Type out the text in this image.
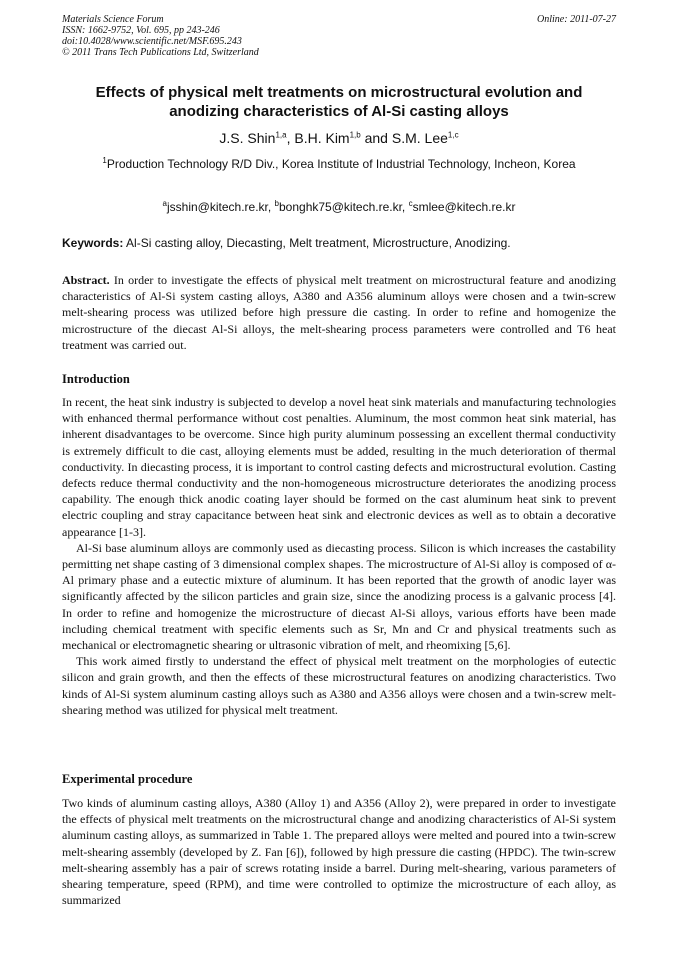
Materials Science Forum
ISSN: 1662-9752, Vol. 695, pp 243-246
doi:10.4028/www.scientific.net/MSF.695.243
© 2011 Trans Tech Publications Ltd, Switzerland
Online: 2011-07-27
Effects of physical melt treatments on microstructural evolution and anodizing characteristics of Al-Si casting alloys
J.S. Shin$^{1,a}$, B.H. Kim$^{1,b}$ and S.M. Lee$^{1,c}$
$^1$Production Technology R/D Div., Korea Institute of Industrial Technology, Incheon, Korea
$^a$jsshin@kitech.re.kr, $^b$bonghk75@kitech.re.kr, $^c$smlee@kitech.re.kr
Keywords: Al-Si casting alloy, Diecasting, Melt treatment, Microstructure, Anodizing.
Abstract. In order to investigate the effects of physical melt treatment on microstructural feature and anodizing characteristics of Al-Si system casting alloys, A380 and A356 aluminum alloys were chosen and a twin-screw melt-shearing process was utilized before high pressure die casting. In order to refine and homogenize the microstructure of the diecast Al-Si alloys, the melt-shearing process parameters were controlled and T6 heat treatment was carried out.
Introduction

In recent, the heat sink industry is subjected to develop a novel heat sink materials and manufacturing technologies with enhanced thermal performance without cost penalties. Aluminum, the most common heat sink material, has inherent disadvantages to be overcome. Since high purity aluminum possessing an excellent thermal conductivity is extremely difficult to die cast, alloying elements must be added, resulting in the much deterioration of thermal conductivity. In diecasting process, it is important to control casting defects and microstructural evolution. Casting defects reduce thermal conductivity and the non-homogeneous microstructure deteriorates the anodizing process capability. The enough thick anodic coating layer should be formed on the cast aluminum heat sink to prevent electric coupling and stray capacitance between heat sink and electronic devices as well as to obtain a decorative appearance [1-3].

Al-Si base aluminum alloys are commonly used as diecasting process. Silicon is which increases the castability permitting net shape casting of 3 dimensional complex shapes. The microstructure of Al-Si alloy is composed of α-Al primary phase and a eutectic mixture of aluminum. It has been reported that the growth of anodic layer was significantly affected by the silicon particles and grain size, since the anodizing process is a galvanic process [4]. In order to refine and homogenize the microstructure of diecast Al-Si alloys, various efforts have been made including chemical treatment with specific elements such as Sr, Mn and Cr and physical treatments such as mechanical or electromagnetic shearing or ultrasonic vibration of melt, and rheomixing [5,6].

This work aimed firstly to understand the effect of physical melt treatment on the morphologies of eutectic silicon and grain growth, and then the effects of these microstructural features on anodizing characteristics. Two kinds of Al-Si system aluminum casting alloys such as A380 and A356 alloys were chosen and a twin-screw melt-shearing method was utilized for physical melt treatment.

Experimental procedure

Two kinds of aluminum casting alloys, A380 (Alloy 1) and A356 (Alloy 2), were prepared in order to investigate the effects of physical melt treatments on the microstructural change and anodizing characteristics of Al-Si system aluminum casting alloys, as summarized in Table 1. The prepared alloys were melted and poured into a twin-screw melt-shearing assembly (developed by Z. Fan [6]), followed by high pressure die casting (HPDC). The twin-screw melt-shearing assembly has a pair of screws rotating inside a barrel. During melt-shearing, various parameters of shearing temperature, speed (RPM), and time were controlled to optimize the microstructure of each alloy, as summarized
